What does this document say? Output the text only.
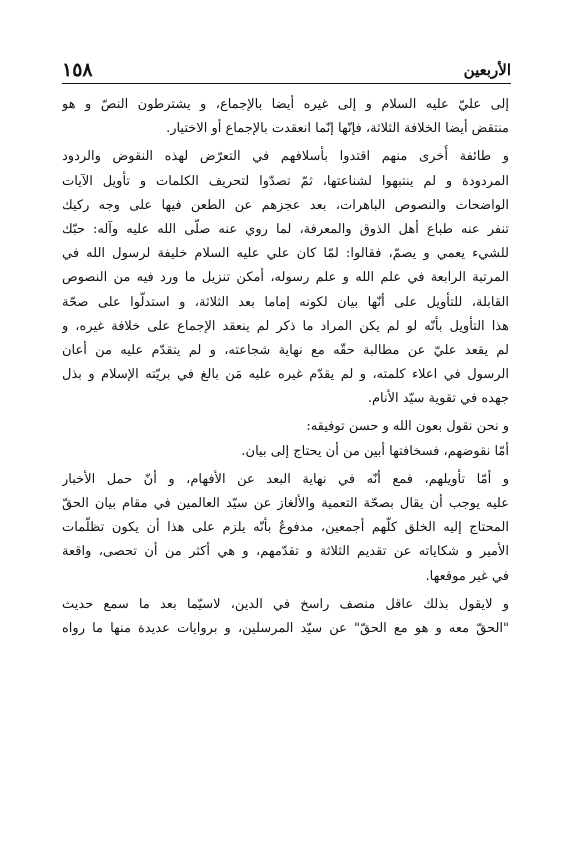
الأربعين
١٥٨
إلى عليّ عليه السلام و إلى غيره أيضا بالإجماع، و يشترطون النصّ و هو
منتقض أيضا الخلافة الثلاثة، فإنّها إنّما انعقدت بالإجماع أو الاختيار.
و طائفة أُخرى منهم اقتدوا بأسلافهم في التعرّض لهذه النقوض والردود
المردودة و لم ينتبهوا لشناعتها، ثمّ تصدّوا لتحريف الكلمات و تأويل الآيات
الواضحات والنصوص الباهرات، بعد عجزهم عن الطعن فيها على وجه ركيك
تنفر عنه طباع أهل الذوق والمعرفة، لما روي عنه صلّى الله عليه وآله: حبّك
للشيء يعمي و يصمّ، فقالوا: لمّا كان علي عليه السلام خليفة لرسول الله في
المرتبة الرابعة في علم الله و علم رسوله، أمكن تنزيل ما ورد فيه من النصوص
القابلة، للتأويل على أنّها بيان لكونه إماما بعد الثلاثة، و استدلّوا على صحّة
هذا التأويل بأنّه لو لم يكن المراد ما ذكر لم ينعقد الإجماع على خلافة غيره، و
لم يقعد عليّ عن مطالبة حقّه مع نهاية شجاعته، و لم يتقدّم عليه من أعان
الرسول في اعلاء كلمته، و لم يقدّم غيره عليه مَن بالغ في بريّته الإسلام و بذل
جهده في تقوية سيّد الأنام.
و نحن نقول بعون الله و حسن توفيقه:
أمّا نقوضهم، فسخافتها أبين من أن يحتاج إلى بيان.
و أمّا تأويلهم، فمع أنّه في نهاية البعد عن الأفهام، و أنّ حمل الأخبار
عليه يوجب أن يقال بصحّة التعمية والألغاز عن سيّد العالمين في مقام بيان الحقّ
المحتاج إليه الخلق كلّهم أجمعين، مدفوعٌ بأنّه يلزم على هذا أن يكون تظلّمات
الأمير و شكاياته عن تقديم الثلاثة و تقدّمهم، و هي أكثر من أن تحصى، واقعة
في غير موقعها.
و لايقول بذلك عاقل منصف راسخ في الدين، لاسيّما بعد ما سمع حديث
"الحقّ معه و هو مع الحقّ" عن سيّد المرسلين، و بروايات عديدة منها ما رواه
